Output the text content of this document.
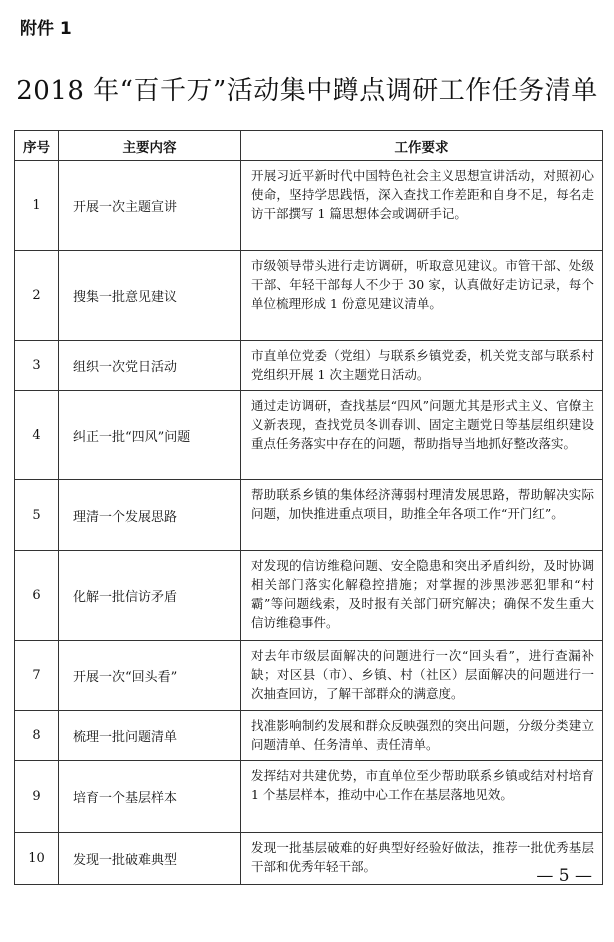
附件 1
2018 年“百千万”活动集中蹲点调研工作任务清单
序号	主要内容	工作要求
1	开展一次主题宣讲	开展习近平新时代中国特色社会主义思想宣讲活动，对照初心使命，坚持学思践悟，深入查找工作差距和自身不足，每名走访干部撰写 1 篇思想体会或调研手记。
2	搜集一批意见建议	市级领导带头进行走访调研，听取意见建议。市管干部、处级干部、年轻干部每人不少于 30 家，认真做好走访记录，每个单位梳理形成 1 份意见建议清单。
3	组织一次党日活动	市直单位党委（党组）与联系乡镇党委，机关党支部与联系村党组织开展 1 次主题党日活动。
4	纠正一批“四风”问题	通过走访调研，查找基层“四风”问题尤其是形式主义、官僚主义新表现，查找党员冬训春训、固定主题党日等基层组织建设重点任务落实中存在的问题，帮助指导当地抓好整改落实。
5	理清一个发展思路	帮助联系乡镇的集体经济薄弱村理清发展思路，帮助解决实际问题，加快推进重点项目，助推全年各项工作“开门红”。
6	化解一批信访矛盾	对发现的信访维稳问题、安全隐患和突出矛盾纠纷，及时协调相关部门落实化解稳控措施；对掌握的涉黑涉恶犯罪和“村霸”等问题线索，及时报有关部门研究解决；确保不发生重大信访维稳事件。
7	开展一次“回头看”	对去年市级层面解决的问题进行一次“回头看”，进行查漏补缺；对区县（市）、乡镇、村（社区）层面解决的问题进行一次抽查回访，了解干部群众的满意度。
8	梳理一批问题清单	找准影响制约发展和群众反映强烈的突出问题，分级分类建立问题清单、任务清单、责任清单。
9	培育一个基层样本	发挥结对共建优势，市直单位至少帮助联系乡镇或结对村培育 1 个基层样本，推动中心工作在基层落地见效。
10	发现一批破难典型	发现一批基层破难的好典型好经验好做法，推荐一批优秀基层干部和优秀年轻干部。	— 5 —
